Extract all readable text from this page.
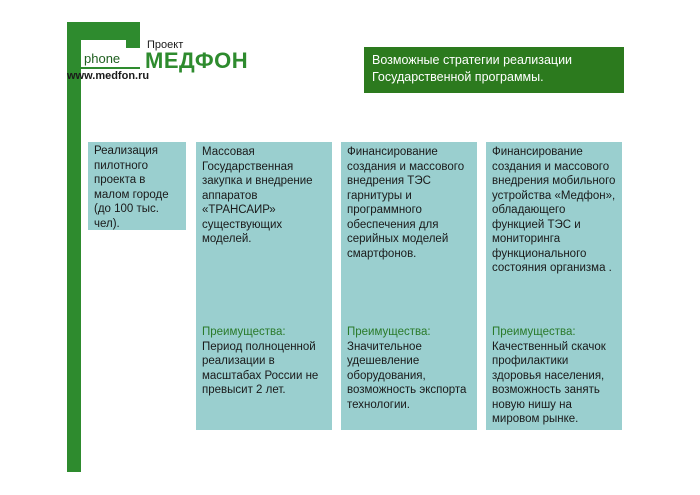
phone
www.medfon.ru
Проект
МЕДФОН	Возможные стратегии реализации Государственной программы.
Реализация пилотного проекта в малом городе (до 100 тыс. чел).
Массовая Государственная закупка и внедрение аппаратов «ТРАНСАИР» существующих моделей.
Преимущества:
Период полноценной реализации в масштабах России не превысит 2 лет.
Финансирование создания и массового внедрения ТЭС гарнитуры и программного обеспечения для серийных моделей смартфонов.
Преимущества:
Значительное удешевление оборудования, возможность экспорта технологии.
Финансирование создания и массового внедрения мобильного устройства «Медфон», обладающего функцией ТЭС и мониторинга функционального состояния организма .
Преимущества:
Качественный скачок профилактики здоровья населения, возможность занять новую нишу на мировом рынке.
